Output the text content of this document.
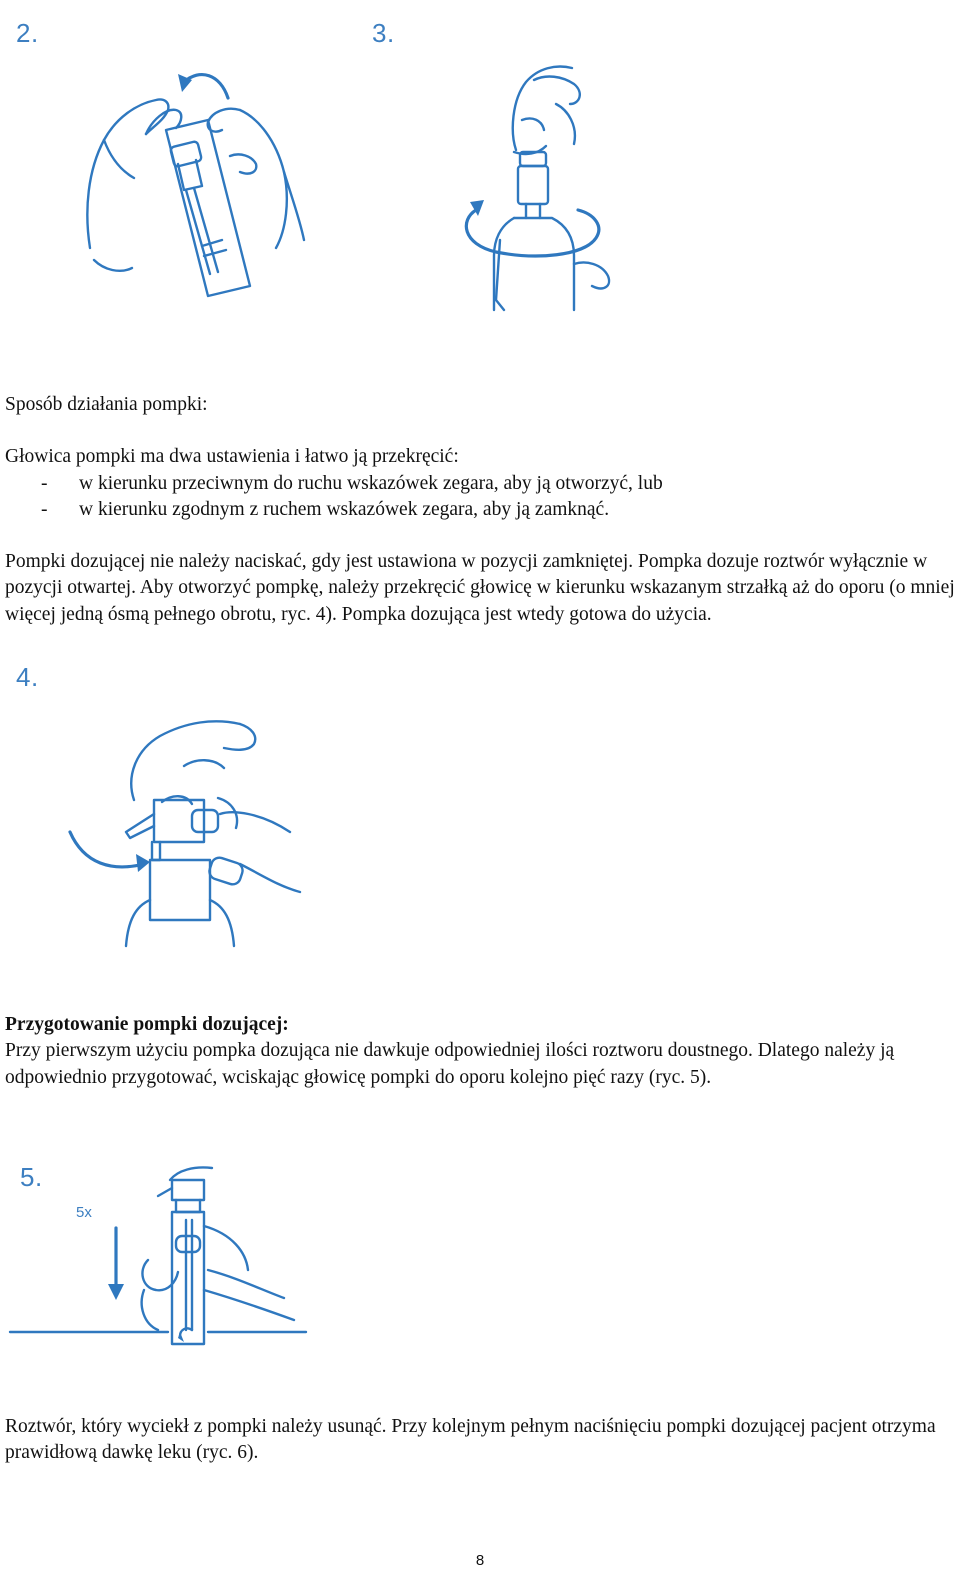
2.	3.

Sposób działania pompki:

Głowica pompki ma dwa ustawienia i łatwo ją przekręcić:

-	w kierunku przeciwnym do ruchu wskazówek zegara, aby ją otworzyć, lub
-	w kierunku zgodnym z ruchem wskazówek zegara, aby ją zamknąć.

Pompki dozującej nie należy naciskać, gdy jest ustawiona w pozycji zamkniętej. Pompka dozuje roztwór wyłącznie w pozycji otwartej. Aby otworzyć pompkę, należy przekręcić głowicę w kierunku wskazanym strzałką aż do oporu (o mniej więcej jedną ósmą pełnego obrotu, ryc. 4). Pompka dozująca jest wtedy gotowa do użycia.

4.

Przygotowanie pompki dozującej:

Przy pierwszym użyciu pompka dozująca nie dawkuje odpowiedniej ilości roztworu doustnego. Dlatego należy ją odpowiednio przygotować, wciskając głowicę pompki do oporu kolejno pięć razy (ryc. 5).

5.
5x

Roztwór, który wyciekł z pompki należy usunąć. Przy kolejnym pełnym naciśnięciu pompki dozującej pacjent otrzyma prawidłową dawkę leku (ryc. 6).

8
